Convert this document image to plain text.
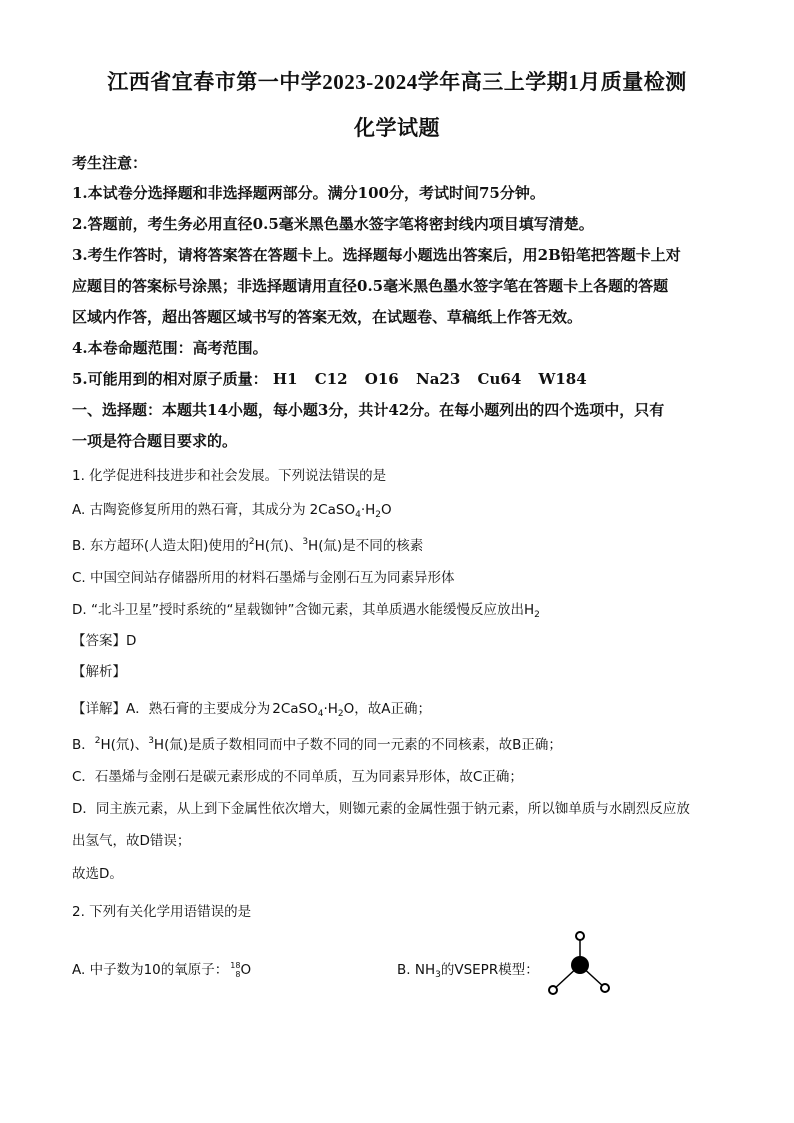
江西省宜春市第一中学2023-2024学年高三上学期1月质量检测
化学试题
考生注意：
1.本试卷分选择题和非选择题两部分。满分100分，考试时间75分钟。
2.答题前，考生务必用直径0.5毫米黑色墨水签字笔将密封线内项目填写清楚。
3.考生作答时，请将答案答在答题卡上。选择题每小题选出答案后，用2B铅笔把答题卡上对
应题目的答案标号涂黑；非选择题请用直径0.5毫米黑色墨水签字笔在答题卡上各题的答题
区域内作答，超出答题区域书写的答案无效，在试题卷、草稿纸上作答无效。
4.本卷命题范围：高考范围。
5.可能用到的相对原子质量： H1 C12 O16 Na23 Cu64 W184
一、选择题：本题共14小题，每小题3分，共计42分。在每小题列出的四个选项中，只有
一项是符合题目要求的。
1. 化学促进科技进步和社会发展。下列说法错误的是
A. 古陶瓷修复所用的熟石膏，其成分为 $2CaSO_4\cdot H_2O$
B. 东方超环(人造太阳)使用的$^2$H(氘)、$^3$H(氚)是不同的核素
C. 中国空间站存储器所用的材料石墨烯与金刚石互为同素异形体
D. “北斗卫星”授时系统的“星载铷钟”含铷元素，其单质遇水能缓慢反应放出$H_2$
【答案】D
【解析】
【详解】A．熟石膏的主要成分为 $2CaSO_4\cdot H_2O$，故A正确；
B．$^2$H(氘)、$^3$H(氚)是质子数相同而中子数不同的同一元素的不同核素，故B正确；
C．石墨烯与金刚石是碳元素形成的不同单质，互为同素异形体，故C正确；
D．同主族元素，从上到下金属性依次增大，则铷元素的金属性强于钠元素，所以铷单质与水剧烈反应放
出氢气，故D错误；
故选D。
2. 下列有关化学用语错误的是
A. 中子数为10的氧原子： 18
8 O	B. $NH_3$的VSEPR模型：
